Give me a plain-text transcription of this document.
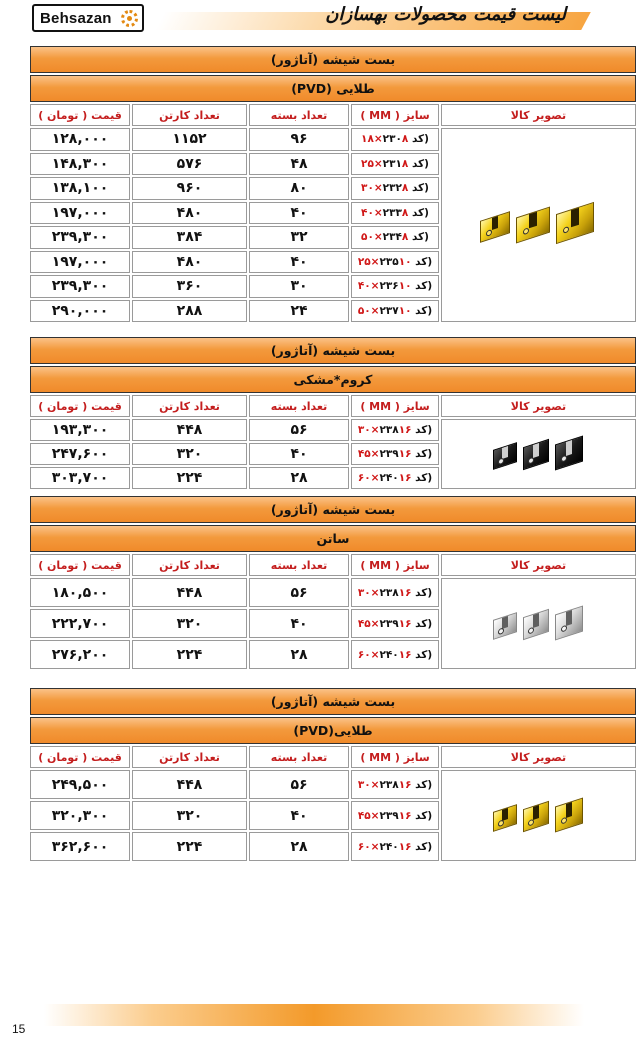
Behsazan	لیست قیمت محصولات بهسازان
بست شیشه (آتاژور)				
طلایی (PVD)				
قیمت ( تومان )	تعداد کارتن	تعداد بسته	سایز ( MM )	تصویر کالا
۱۲۸,۰۰۰	۱۱۵۲	۹۶	(کد ۲۳۰۸×۱۸	

۱۴۸,۳۰۰	۵۷۶	۴۸	(کد ۲۳۱۸×۲۵	
۱۳۸,۱۰۰	۹۶۰	۸۰	(کد ۲۳۲۸×۳۰	
۱۹۷,۰۰۰	۴۸۰	۴۰	(کد ۲۳۳۸×۴۰	
۲۳۹,۳۰۰	۳۸۴	۳۲	(کد ۲۳۴۸×۵۰	
۱۹۷,۰۰۰	۴۸۰	۴۰	(کد ۲۳۵۱۰×۲۵	
۲۳۹,۳۰۰	۳۶۰	۳۰	(کد ۲۳۶۱۰×۴۰	
۲۹۰,۰۰۰	۲۸۸	۲۴	(کد ۲۳۷۱۰×۵۰	
بست شیشه (آتاژور)				
کروم*مشکی				
قیمت ( تومان )	تعداد کارتن	تعداد بسته	سایز ( MM )	تصویر کالا
۱۹۳,۳۰۰	۴۴۸	۵۶	(کد ۲۳۸۱۶×۳۰	

۲۴۷,۶۰۰	۳۲۰	۴۰	(کد ۲۳۹۱۶×۴۵	
۳۰۳,۷۰۰	۲۲۴	۲۸	(کد ۲۴۰۱۶×۶۰	
بست شیشه (آتاژور)				
ساتن				
قیمت ( تومان )	تعداد کارتن	تعداد بسته	سایز ( MM )	تصویر کالا
۱۸۰,۵۰۰	۴۴۸	۵۶	(کد ۲۳۸۱۶×۳۰	

۲۲۲,۷۰۰	۳۲۰	۴۰	(کد ۲۳۹۱۶×۴۵	
۲۷۶,۲۰۰	۲۲۴	۲۸	(کد ۲۴۰۱۶×۶۰	
بست شیشه (آتاژور)				
طلایی(PVD)				
قیمت ( تومان )	تعداد کارتن	تعداد بسته	سایز ( MM )	تصویر کالا
۲۴۹,۵۰۰	۴۴۸	۵۶	(کد ۲۳۸۱۶×۳۰	

۳۲۰,۳۰۰	۳۲۰	۴۰	(کد ۲۳۹۱۶×۴۵	
۳۶۲,۶۰۰	۲۲۴	۲۸	(کد ۲۴۰۱۶×۶۰	
15
